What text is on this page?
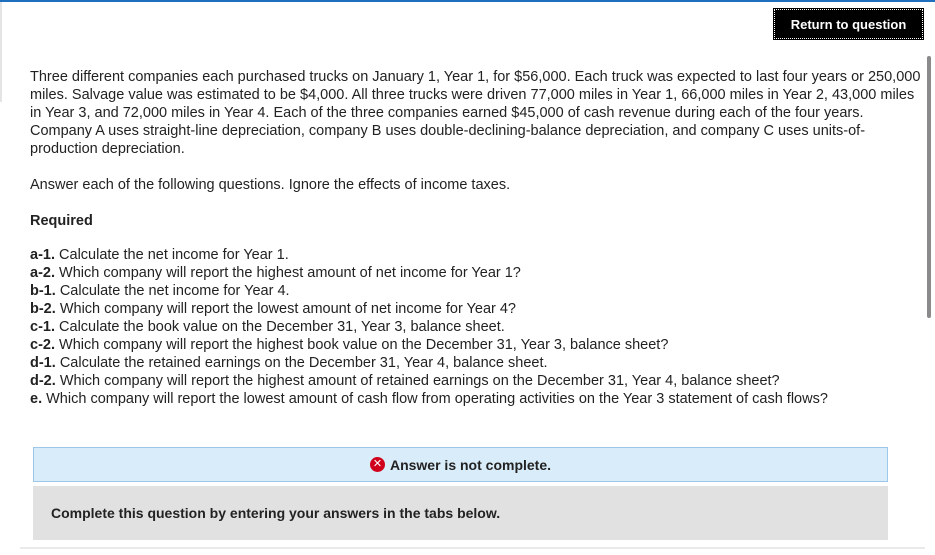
Return to question

Three different companies each purchased trucks on January 1, Year 1, for $56,000. Each truck was expected to last four years or 250,000 miles. Salvage value was estimated to be $4,000. All three trucks were driven 77,000 miles in Year 1, 66,000 miles in Year 2, 43,000 miles in Year 3, and 72,000 miles in Year 4. Each of the three companies earned $45,000 of cash revenue during each of the four years. Company A uses straight-line depreciation, company B uses double-declining-balance depreciation, and company C uses units-of-production depreciation.

Answer each of the following questions. Ignore the effects of income taxes.

Required

a-1. Calculate the net income for Year 1.
a-2. Which company will report the highest amount of net income for Year 1?
b-1. Calculate the net income for Year 4.
b-2. Which company will report the lowest amount of net income for Year 4?
c-1. Calculate the book value on the December 31, Year 3, balance sheet.
c-2. Which company will report the highest book value on the December 31, Year 3, balance sheet?
d-1. Calculate the retained earnings on the December 31, Year 4, balance sheet.
d-2. Which company will report the highest amount of retained earnings on the December 31, Year 4, balance sheet?
e. Which company will report the lowest amount of cash flow from operating activities on the Year 3 statement of cash flows?
✕ Answer is not complete.
Complete this question by entering your answers in the tabs below.
